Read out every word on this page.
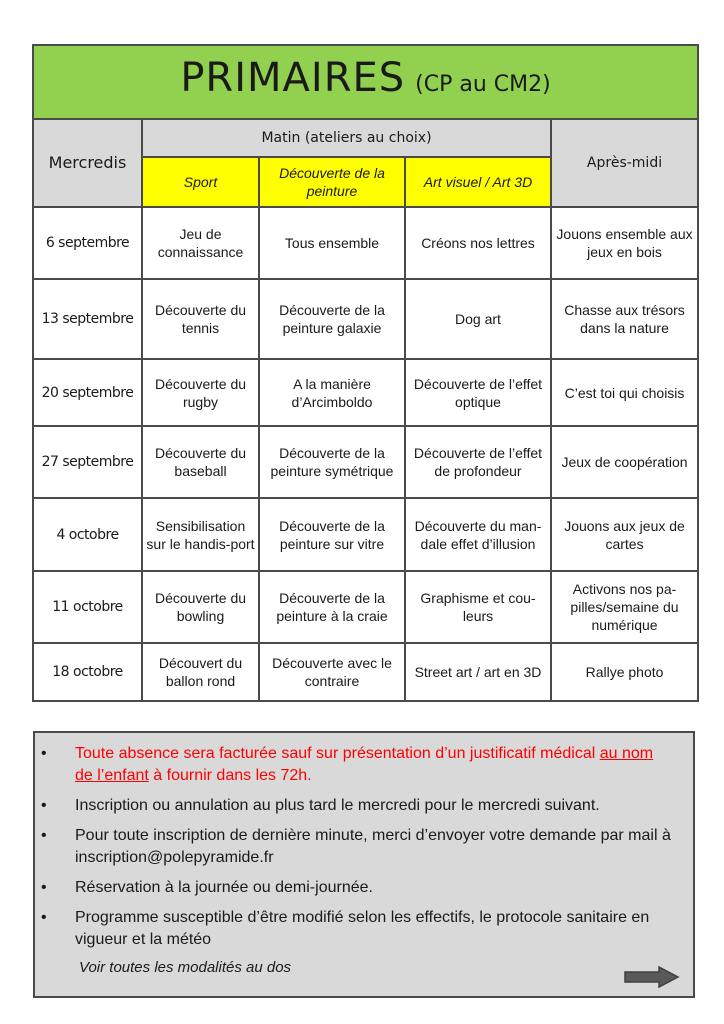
PRIMAIRES (CP au CM2)				
Mercredis	Matin (ateliers au choix)			Après-midi
	Sport	Découverte de la peinture	Art visuel / Art 3D	
6 septembre	Jeu de connaissance	Tous ensemble	Créons nos lettres	Jouons ensemble aux jeux en bois
13 septembre	Découverte du tennis	Découverte de la peinture galaxie	Dog art	Chasse aux trésors dans la nature
20 septembre	Découverte du rugby	A la manière d’Arcimboldo	Découverte de l’effet optique	C’est toi qui choisis
27 septembre	Découverte du baseball	Découverte de la peinture symétrique	Découverte de l’effet de profondeur	Jeux de coopération
4 octobre	Sensibilisation sur le handis-port	Découverte de la peinture sur vitre	Découverte du man-dale effet d’illusion	Jouons aux jeux de cartes
11 octobre	Découverte du bowling	Découverte de la peinture à la craie	Graphisme et cou-leurs	Activons nos pa-pilles/semaine du numérique
18 octobre	Découvert du ballon rond	Découverte avec le contraire	Street art / art en 3D	Rallye photo
• Toute absence sera facturée sauf sur présentation d’un justificatif médical au nom de l’enfant à fournir dans les 72h.
• Inscription ou annulation au plus tard le mercredi pour le mercredi suivant.
• Pour toute inscription de dernière minute, merci d’envoyer votre demande par mail à inscription@polepyramide.fr
• Réservation à la journée ou demi-journée.
• Programme susceptible d’être modifié selon les effectifs, le protocole sanitaire en vigueur et la météo
Voir toutes les modalités au dos
